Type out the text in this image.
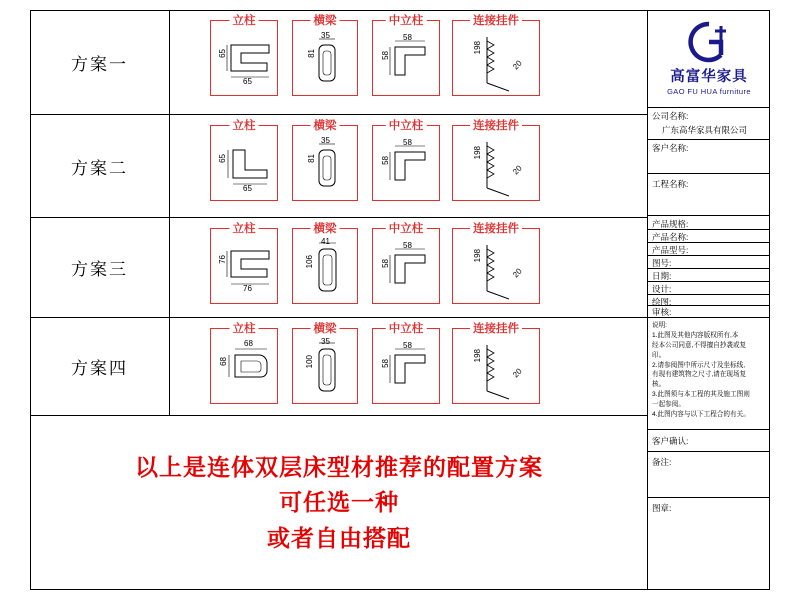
方案一
立柱
65
65
横梁
35
81
中立柱
58
58
连接挂件
198
20
方案二
立柱
65
65
横梁
35
81
中立柱
58
58
连接挂件
198
20
方案三
立柱
76
76
横梁
41
106
中立柱
58
58
连接挂件
198
20
方案四
立柱
68
68
横梁
35
100
中立柱
58
58
连接挂件
198
20
以上是连体双层床型材推荐的配置方案
可任选一种
或者自由搭配
高富华家具
GAO FU HUA furniture
公司名称:
广东高华家具有限公司
客户名称:
工程名称:
产品规格:
产品名称:
产品型号:
图号:
日期:
设计:
绘图:
审核:
说明:
1.此图及其他内容版权所有,本
经本公司同意,不得擅自抄袭或复
印。
2.请参阅图中所示尺寸及坐标线,
有现有建筑物之尺寸,请在现场复
核。
3.此图须与本工程的其及施工图则
一起参阅。
4.此图内容与以下工程合的有关。
客户确认:
备注:
图章:
